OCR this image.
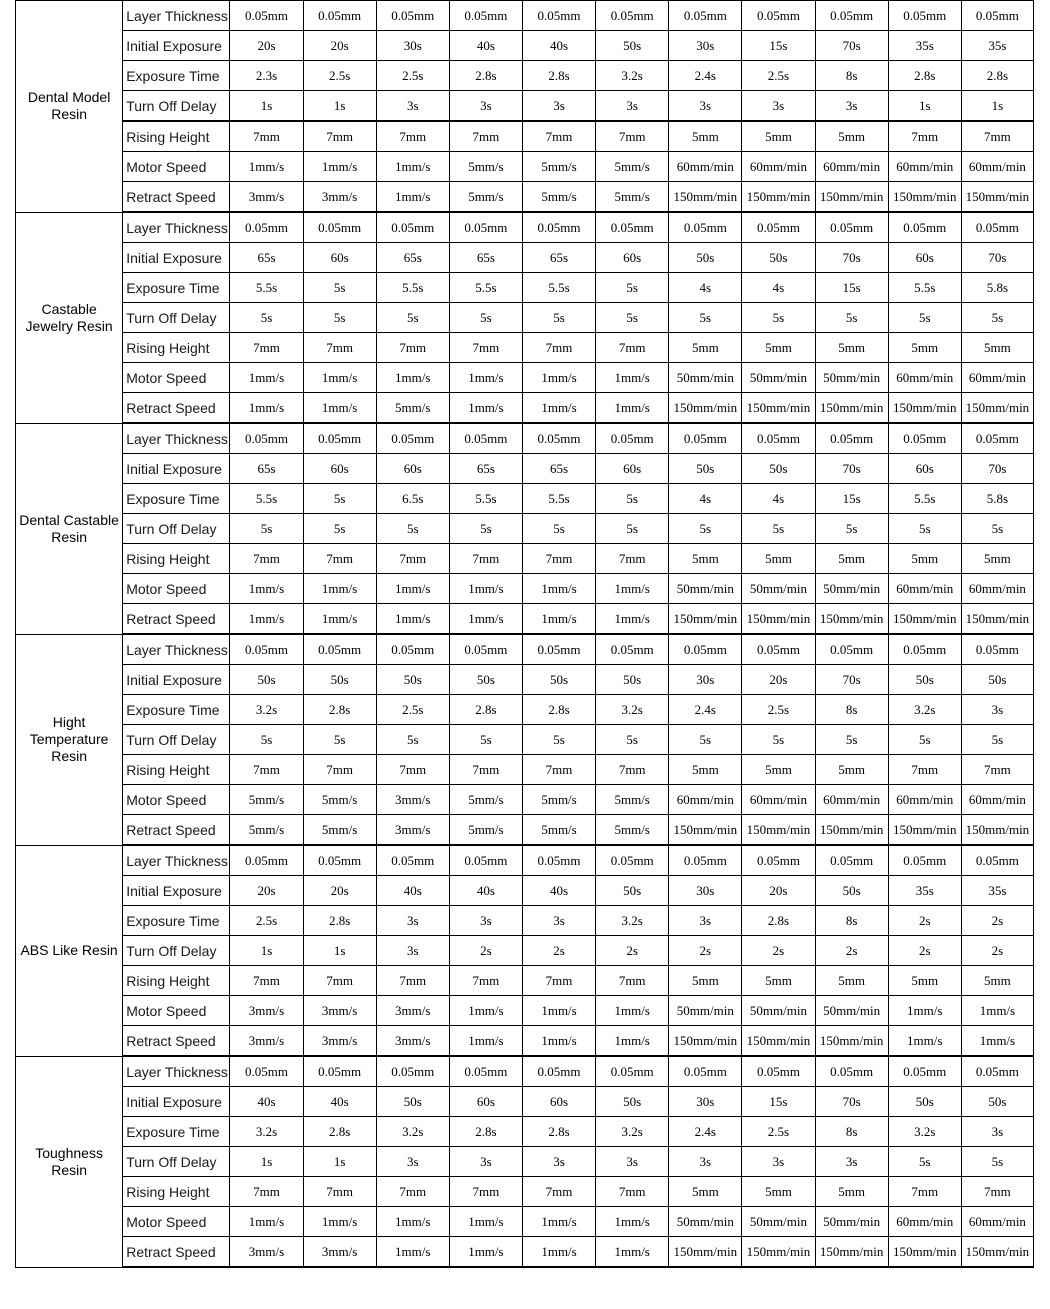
Dental Model Resin	Layer Thickness	0.05mm	0.05mm	0.05mm	0.05mm	0.05mm	0.05mm	0.05mm	0.05mm	0.05mm	0.05mm	0.05mm
	Initial Exposure	20s	20s	30s	40s	40s	50s	30s	15s	70s	35s	35s
	Exposure Time	2.3s	2.5s	2.5s	2.8s	2.8s	3.2s	2.4s	2.5s	8s	2.8s	2.8s
	Turn Off Delay	1s	1s	3s	3s	3s	3s	3s	3s	3s	1s	1s
	Rising Height	7mm	7mm	7mm	7mm	7mm	7mm	5mm	5mm	5mm	7mm	7mm
	Motor Speed	1mm/s	1mm/s	1mm/s	5mm/s	5mm/s	5mm/s	60mm/min	60mm/min	60mm/min	60mm/min	60mm/min
	Retract Speed	3mm/s	3mm/s	1mm/s	5mm/s	5mm/s	5mm/s	150mm/min	150mm/min	150mm/min	150mm/min	150mm/min
Castable Jewelry Resin	Layer Thickness	0.05mm	0.05mm	0.05mm	0.05mm	0.05mm	0.05mm	0.05mm	0.05mm	0.05mm	0.05mm	0.05mm
	Initial Exposure	65s	60s	65s	65s	65s	60s	50s	50s	70s	60s	70s
	Exposure Time	5.5s	5s	5.5s	5.5s	5.5s	5s	4s	4s	15s	5.5s	5.8s
	Turn Off Delay	5s	5s	5s	5s	5s	5s	5s	5s	5s	5s	5s
	Rising Height	7mm	7mm	7mm	7mm	7mm	7mm	5mm	5mm	5mm	5mm	5mm
	Motor Speed	1mm/s	1mm/s	1mm/s	1mm/s	1mm/s	1mm/s	50mm/min	50mm/min	50mm/min	60mm/min	60mm/min
	Retract Speed	1mm/s	1mm/s	5mm/s	1mm/s	1mm/s	1mm/s	150mm/min	150mm/min	150mm/min	150mm/min	150mm/min
Dental Castable Resin	Layer Thickness	0.05mm	0.05mm	0.05mm	0.05mm	0.05mm	0.05mm	0.05mm	0.05mm	0.05mm	0.05mm	0.05mm
	Initial Exposure	65s	60s	60s	65s	65s	60s	50s	50s	70s	60s	70s
	Exposure Time	5.5s	5s	6.5s	5.5s	5.5s	5s	4s	4s	15s	5.5s	5.8s
	Turn Off Delay	5s	5s	5s	5s	5s	5s	5s	5s	5s	5s	5s
	Rising Height	7mm	7mm	7mm	7mm	7mm	7mm	5mm	5mm	5mm	5mm	5mm
	Motor Speed	1mm/s	1mm/s	1mm/s	1mm/s	1mm/s	1mm/s	50mm/min	50mm/min	50mm/min	60mm/min	60mm/min
	Retract Speed	1mm/s	1mm/s	1mm/s	1mm/s	1mm/s	1mm/s	150mm/min	150mm/min	150mm/min	150mm/min	150mm/min
Hight Temperature Resin	Layer Thickness	0.05mm	0.05mm	0.05mm	0.05mm	0.05mm	0.05mm	0.05mm	0.05mm	0.05mm	0.05mm	0.05mm
	Initial Exposure	50s	50s	50s	50s	50s	50s	30s	20s	70s	50s	50s
	Exposure Time	3.2s	2.8s	2.5s	2.8s	2.8s	3.2s	2.4s	2.5s	8s	3.2s	3s
	Turn Off Delay	5s	5s	5s	5s	5s	5s	5s	5s	5s	5s	5s
	Rising Height	7mm	7mm	7mm	7mm	7mm	7mm	5mm	5mm	5mm	7mm	7mm
	Motor Speed	5mm/s	5mm/s	3mm/s	5mm/s	5mm/s	5mm/s	60mm/min	60mm/min	60mm/min	60mm/min	60mm/min
	Retract Speed	5mm/s	5mm/s	3mm/s	5mm/s	5mm/s	5mm/s	150mm/min	150mm/min	150mm/min	150mm/min	150mm/min
ABS Like Resin	Layer Thickness	0.05mm	0.05mm	0.05mm	0.05mm	0.05mm	0.05mm	0.05mm	0.05mm	0.05mm	0.05mm	0.05mm
	Initial Exposure	20s	20s	40s	40s	40s	50s	30s	20s	50s	35s	35s
	Exposure Time	2.5s	2.8s	3s	3s	3s	3.2s	3s	2.8s	8s	2s	2s
	Turn Off Delay	1s	1s	3s	2s	2s	2s	2s	2s	2s	2s	2s
	Rising Height	7mm	7mm	7mm	7mm	7mm	7mm	5mm	5mm	5mm	5mm	5mm
	Motor Speed	3mm/s	3mm/s	3mm/s	1mm/s	1mm/s	1mm/s	50mm/min	50mm/min	50mm/min	1mm/s	1mm/s
	Retract Speed	3mm/s	3mm/s	3mm/s	1mm/s	1mm/s	1mm/s	150mm/min	150mm/min	150mm/min	1mm/s	1mm/s
Toughness Resin	Layer Thickness	0.05mm	0.05mm	0.05mm	0.05mm	0.05mm	0.05mm	0.05mm	0.05mm	0.05mm	0.05mm	0.05mm
	Initial Exposure	40s	40s	50s	60s	60s	50s	30s	15s	70s	50s	50s
	Exposure Time	3.2s	2.8s	3.2s	2.8s	2.8s	3.2s	2.4s	2.5s	8s	3.2s	3s
	Turn Off Delay	1s	1s	3s	3s	3s	3s	3s	3s	3s	5s	5s
	Rising Height	7mm	7mm	7mm	7mm	7mm	7mm	5mm	5mm	5mm	7mm	7mm
	Motor Speed	1mm/s	1mm/s	1mm/s	1mm/s	1mm/s	1mm/s	50mm/min	50mm/min	50mm/min	60mm/min	60mm/min
	Retract Speed	3mm/s	3mm/s	1mm/s	1mm/s	1mm/s	1mm/s	150mm/min	150mm/min	150mm/min	150mm/min	150mm/min
